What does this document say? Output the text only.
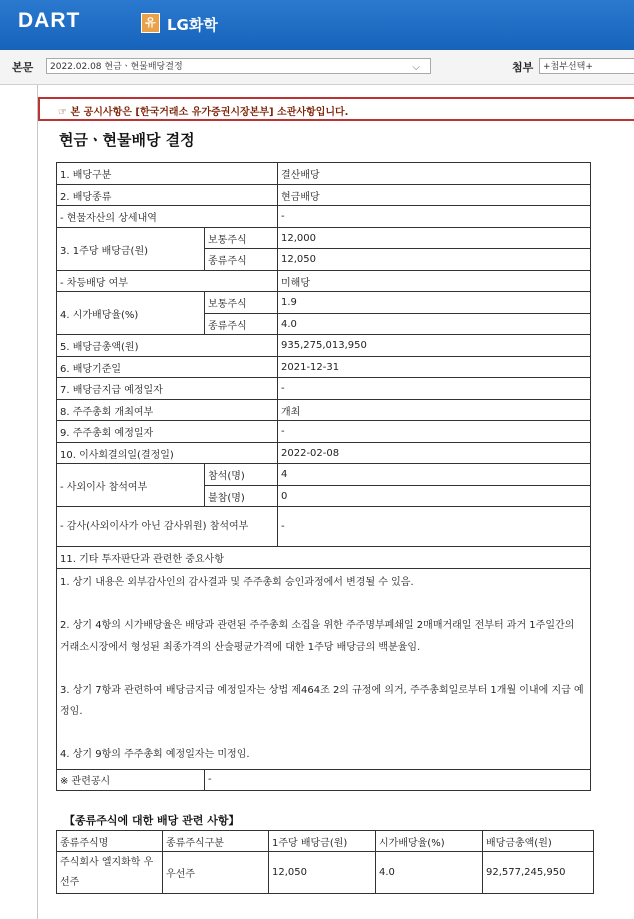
DART	유 LG화학
본문	2022.02.08 현금ㆍ현물배당결정	⌵	첨부	+첨부선택+
☞ 본 공시사항은 [한국거래소 유가증권시장본부] 소관사항입니다.
현금ㆍ현물배당 결정
1. 배당구분		결산배당
2. 배당종류		현금배당
- 현물자산의 상세내역		-
3. 1주당 배당금(원)	보통주식	12,000
	종류주식	12,050
- 차등배당 여부		미해당
4. 시가배당율(%)	보통주식	1.9
	종류주식	4.0
5. 배당금총액(원)		935,275,013,950
6. 배당기준일		2021-12-31
7. 배당금지급 예정일자		-
8. 주주총회 개최여부		개최
9. 주주총회 예정일자		-
10. 이사회결의일(결정일)		2022-02-08
- 사외이사 참석여부	참석(명)	4
	불참(명)	0
- 감사(사외이사가 아닌 감사위원) 참석여부		-
11. 기타 투자판단과 관련한 중요사항		

1. 상기 내용은 외부감사인의 감사결과 및 주주총회 승인과정에서 변경될 수 있음.
2. 상기 4항의 시가배당율은 배당과 관련된 주주총회 소집을 위한 주주명부폐쇄일 2매매거래일 전부터 과거 1주일간의 거래소시장에서 형성된 최종가격의 산술평균가격에 대한 1주당 배당금의 백분율임.
3. 상기 7항과 관련하여 배당금지급 예정일자는 상법 제464조 2의 규정에 의거, 주주총회일로부터 1개월 이내에 지급 예정임.
4. 상기 9항의 주주총회 예정일자는 미정임.		

※ 관련공시	-	
【종류주식에 대한 배당 관련 사항】
종류주식명	종류주식구분	1주당 배당금(원)	시가배당율(%)	배당금총액(원)
주식회사 엘지화학 우선주	우선주	12,050	4.0	92,577,245,950
